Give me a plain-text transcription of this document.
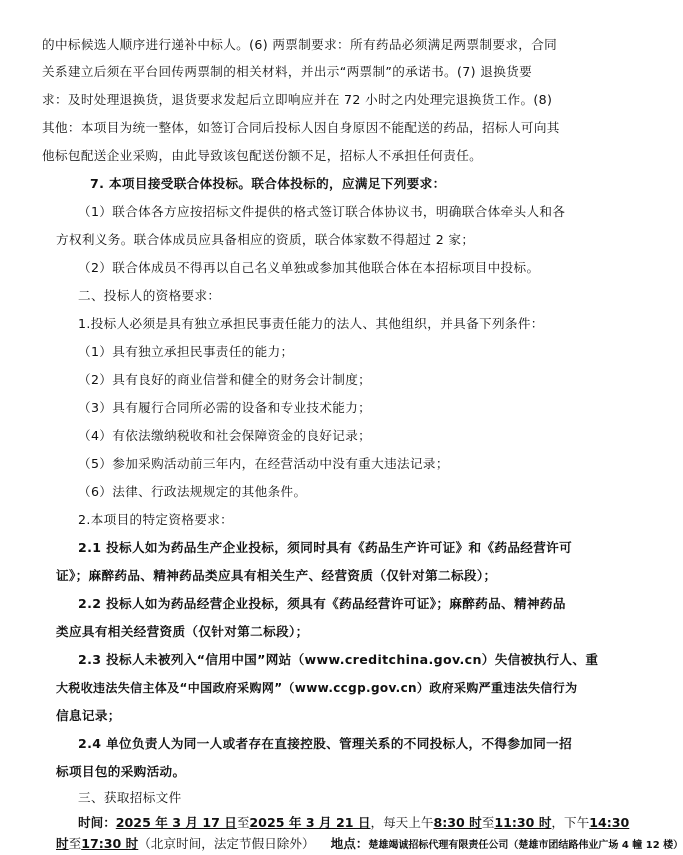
的中标候选人顺序进行递补中标人。(6) 两票制要求：所有药品必须满足两票制要求，合同
关系建立后须在平台回传两票制的相关材料，并出示“两票制”的承诺书。(7) 退换货要
求：及时处理退换货，退货要求发起后立即响应并在 72 小时之内处理完退换货工作。(8)
其他：本项目为统一整体，如签订合同后投标人因自身原因不能配送的药品，招标人可向其
他标包配送企业采购，由此导致该包配送份额不足，招标人不承担任何责任。
7. 本项目接受联合体投标。联合体投标的，应满足下列要求：
（1）联合体各方应按招标文件提供的格式签订联合体协议书，明确联合体牵头人和各
方权利义务。联合体成员应具备相应的资质，联合体家数不得超过 2 家；
（2）联合体成员不得再以自己名义单独或参加其他联合体在本招标项目中投标。
二、投标人的资格要求：
1.投标人必须是具有独立承担民事责任能力的法人、其他组织，并具备下列条件：
（1）具有独立承担民事责任的能力；
（2）具有良好的商业信誉和健全的财务会计制度；
（3）具有履行合同所必需的设备和专业技术能力；
（4）有依法缴纳税收和社会保障资金的良好记录；
（5）参加采购活动前三年内，在经营活动中没有重大违法记录；
（6）法律、行政法规规定的其他条件。
2.本项目的特定资格要求：
2.1 投标人如为药品生产企业投标，须同时具有《药品生产许可证》和《药品经营许可
证》；麻醉药品、精神药品类应具有相关生产、经营资质（仅针对第二标段）；
2.2 投标人如为药品经营企业投标，须具有《药品经营许可证》；麻醉药品、精神药品
类应具有相关经营资质（仅针对第二标段）；
2.3 投标人未被列入“信用中国”网站（www.creditchina.gov.cn）失信被执行人、重
大税收违法失信主体及“中国政府采购网”（www.ccgp.gov.cn）政府采购严重违法失信行为
信息记录；
2.4 单位负责人为同一人或者存在直接控股、管理关系的不同投标人，不得参加同一招
标项目包的采购活动。
三、获取招标文件
时间：2025 年 3 月 17 日至2025 年 3 月 21 日，每天上午8:30 时至11:30 时，下午14:30
时至17:30 时（北京时间，法定节假日除外） 地点：楚雄竭诚招标代理有限责任公司（楚雄市团结路伟业广场 4 幢 12 楼）
